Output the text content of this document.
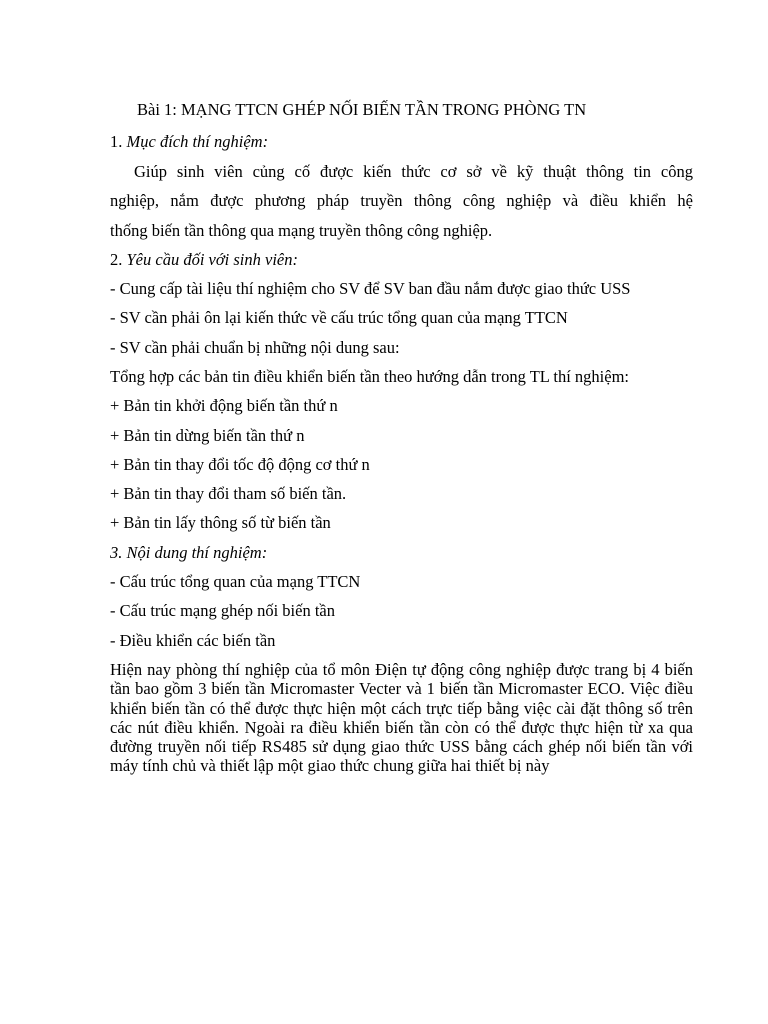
Bài 1: MẠNG TTCN GHÉP NỐI BIẾN TẦN TRONG PHÒNG TN
1. Mục đích thí nghiệm:
Giúp sinh viên củng cố được kiến thức cơ sở về kỹ thuật thông tin công
nghiệp, nắm được phương pháp truyền thông công nghiệp và điều khiển hệ
thống biến tần thông qua mạng truyền thông công nghiệp.
2. Yêu cầu đối với sinh viên:
- Cung cấp tài liệu thí nghiệm cho SV để SV ban đầu nắm được giao thức USS
- SV cần phải ôn lại kiến thức về cấu trúc tổng quan của mạng TTCN
- SV cần phải chuẩn bị những nội dung sau:
Tổng hợp các bản tin điều khiển biến tần theo hướng dẫn trong TL thí nghiệm:
+ Bản tin khởi động biến tần thứ n
+ Bản tin dừng biến tần thứ n
+ Bản tin thay đổi tốc độ động cơ thứ n
+ Bản tin thay đổi tham số biến tần.
+ Bản tin lấy thông số từ biến tần
3. Nội dung thí nghiệm:
- Cấu trúc tổng quan của mạng TTCN
- Cấu trúc mạng ghép nối biến tần
- Điều khiển các biến tần
Hiện nay phòng thí nghiệp của tổ môn Điện tự động công nghiệp được trang bị 4 biến tần bao gồm 3 biến tần Micromaster Vecter và 1 biến tần Micromaster ECO. Việc điều khiển biến tần có thể được thực hiện một cách trực tiếp bằng việc cài đặt thông số trên các nút điều khiển. Ngoài ra điều khiển biến tần còn có thể được thực hiện từ xa qua đường truyền nối tiếp RS485 sử dụng giao thức USS bằng cách ghép nối biến tần với máy tính chủ và thiết lập một giao thức chung giữa hai thiết bị này
